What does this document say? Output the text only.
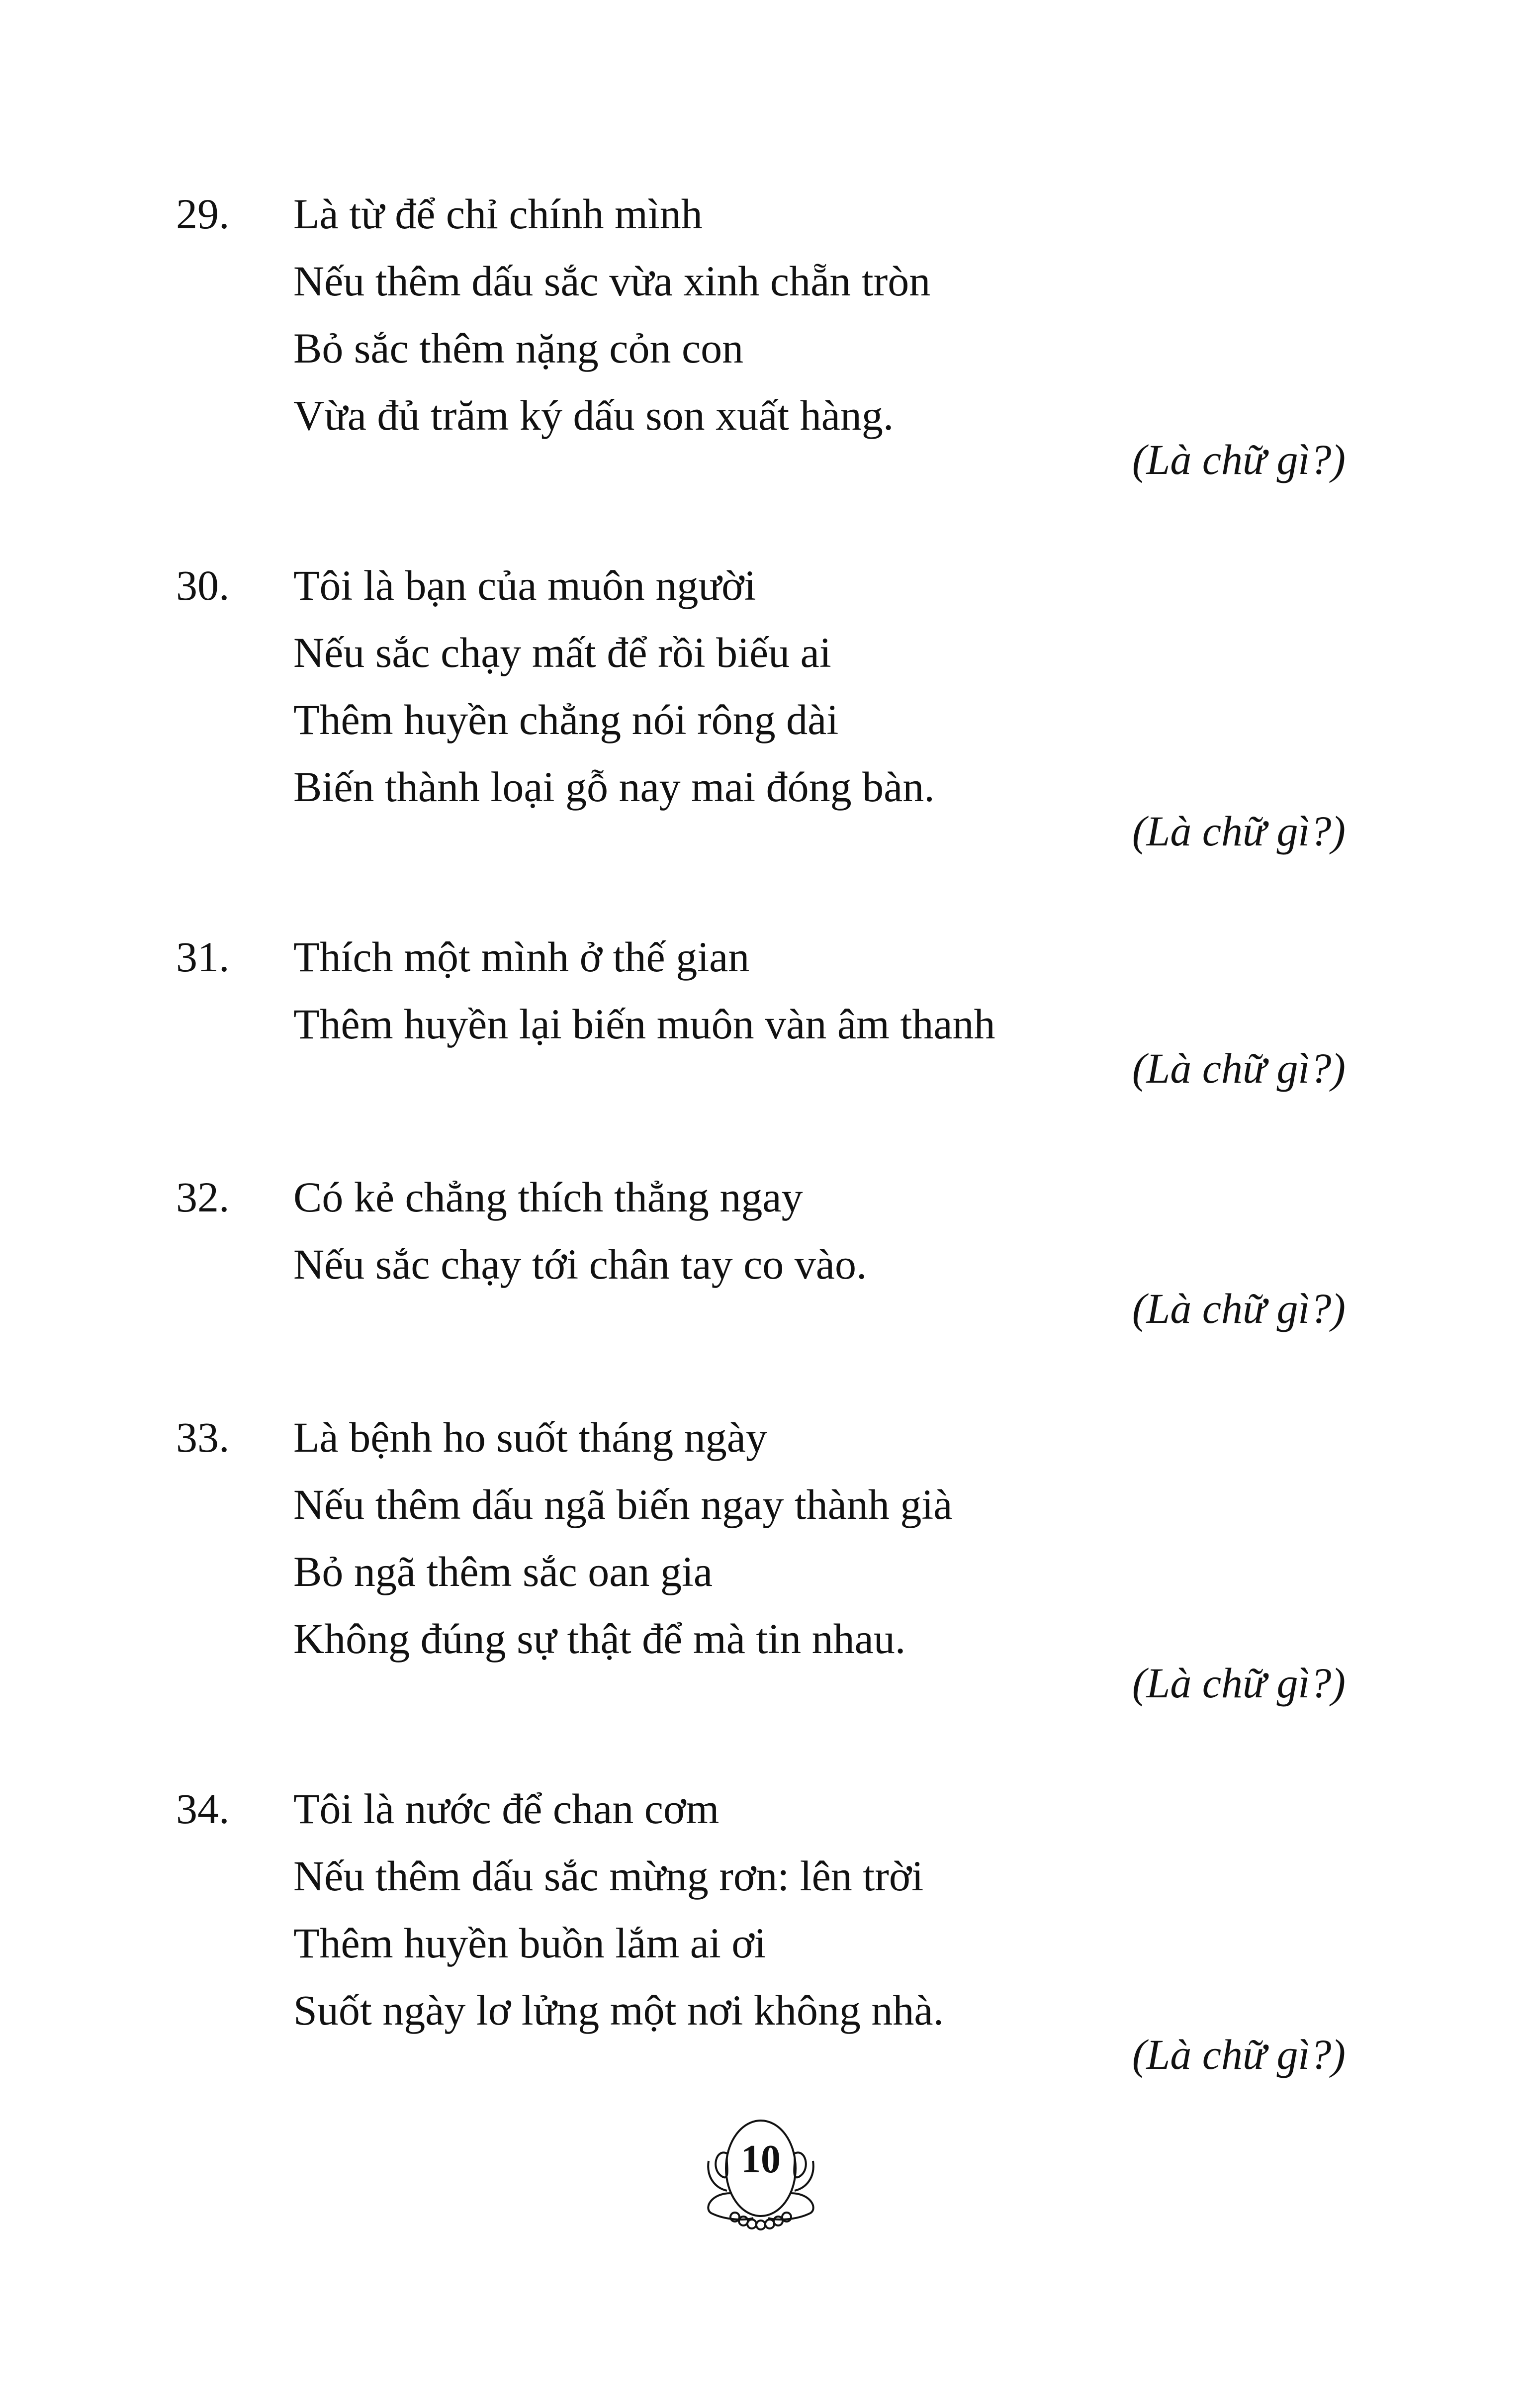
29. Là từ để chỉ chính mình
Nếu thêm dấu sắc vừa xinh chẵn tròn
Bỏ sắc thêm nặng cỏn con
Vừa đủ trăm ký dấu son xuất hàng.
(Là chữ gì?)
30. Tôi là bạn của muôn người
Nếu sắc chạy mất để rồi biếu ai
Thêm huyền chẳng nói rông dài
Biến thành loại gỗ nay mai đóng bàn.
(Là chữ gì?)
31. Thích một mình ở thế gian
Thêm huyền lại biến muôn vàn âm thanh
(Là chữ gì?)
32. Có kẻ chẳng thích thẳng ngay
Nếu sắc chạy tới chân tay co vào.
(Là chữ gì?)
33. Là bệnh ho suốt tháng ngày
Nếu thêm dấu ngã biến ngay thành già
Bỏ ngã thêm sắc oan gia
Không đúng sự thật để mà tin nhau.
(Là chữ gì?)
34. Tôi là nước để chan cơm
Nếu thêm dấu sắc mừng rơn: lên trời
Thêm huyền buồn lắm ai ơi
Suốt ngày lơ lửng một nơi không nhà.
(Là chữ gì?)
10
